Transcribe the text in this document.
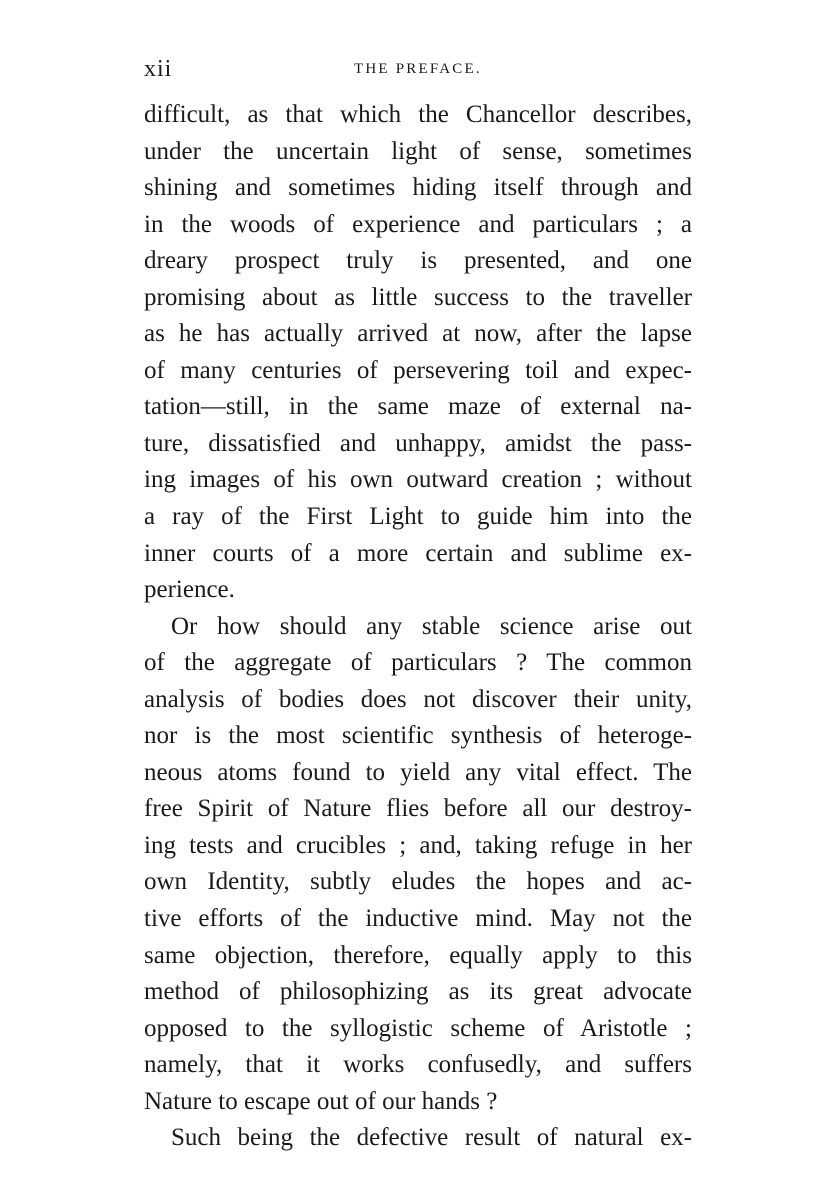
xii	THE PREFACE.
difficult, as that which the Chancellor describes,
under the uncertain light of sense, sometimes
shining and sometimes hiding itself through and
in the woods of experience and particulars ; a
dreary prospect truly is presented, and one
promising about as little success to the traveller
as he has actually arrived at now, after the lapse
of many centuries of persevering toil and expec-
tation—still, in the same maze of external na-
ture, dissatisfied and unhappy, amidst the pass-
ing images of his own outward creation ; without
a ray of the First Light to guide him into the
inner courts of a more certain and sublime ex-
perience.
Or how should any stable science arise out
of the aggregate of particulars ? The common
analysis of bodies does not discover their unity,
nor is the most scientific synthesis of heteroge-
neous atoms found to yield any vital effect. The
free Spirit of Nature flies before all our destroy-
ing tests and crucibles ; and, taking refuge in her
own Identity, subtly eludes the hopes and ac-
tive efforts of the inductive mind. May not the
same objection, therefore, equally apply to this
method of philosophizing as its great advocate
opposed to the syllogistic scheme of Aristotle ;
namely, that it works confusedly, and suffers
Nature to escape out of our hands ?
Such being the defective result of natural ex-
